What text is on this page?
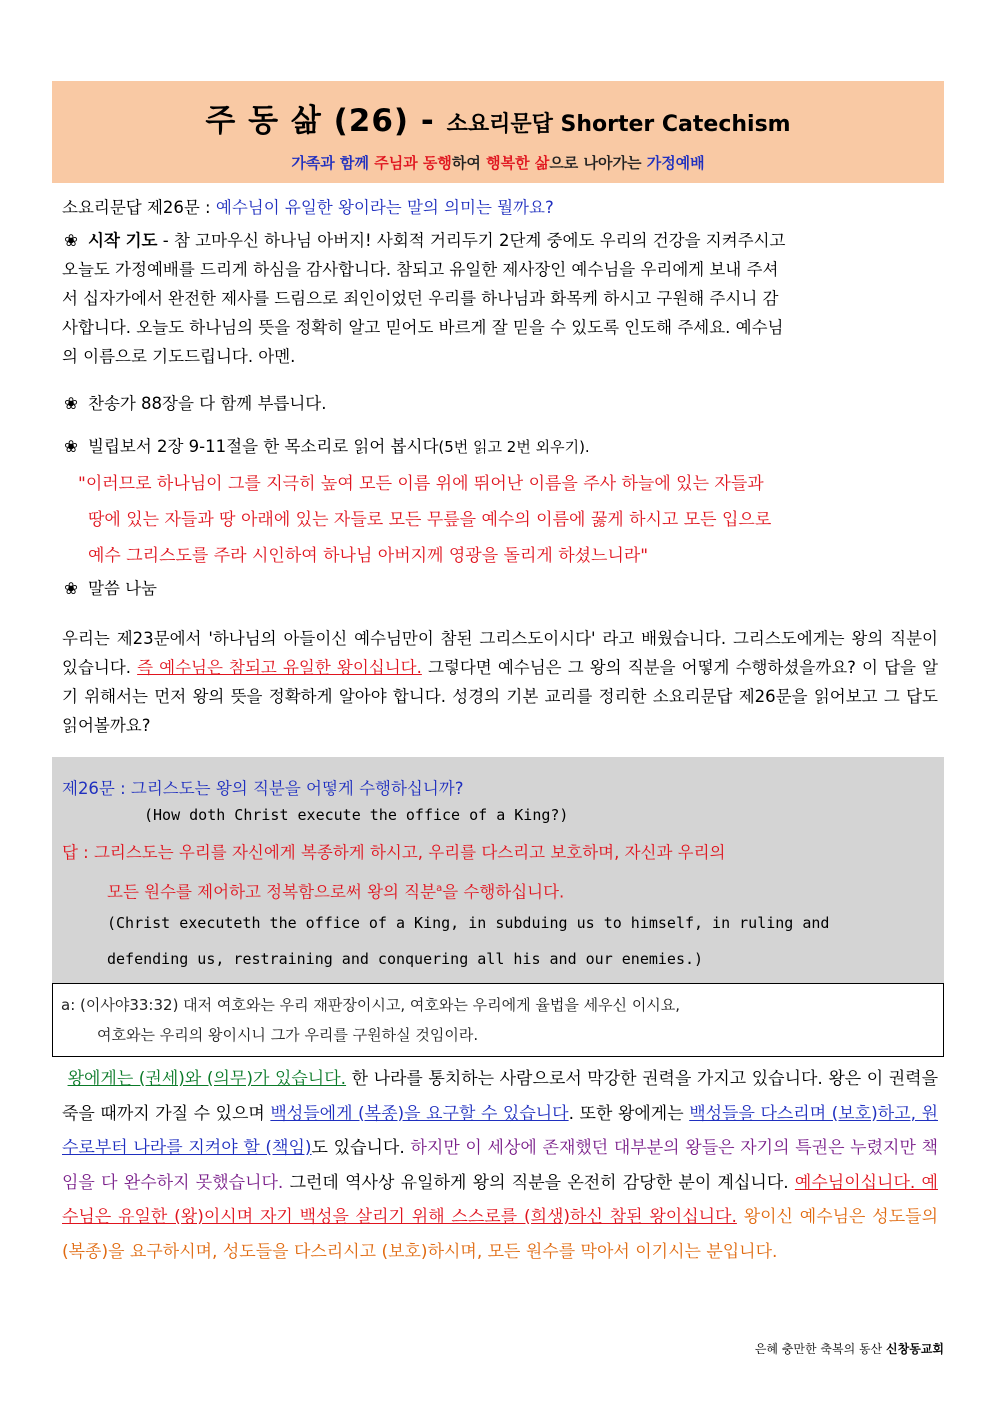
주 동 삶 (26) - 소요리문답 Shorter Catechism
가족과 함께 주님과 동행하여 행복한 삶으로 나아가는 가정예배
소요리문답 제26문 : 예수님이 유일한 왕이라는 말의 의미는 뭘까요?
❀ 시작 기도 - 참 고마우신 하나님 아버지! 사회적 거리두기 2단계 중에도 우리의 건강을 지켜주시고
오늘도 가정예배를 드리게 하심을 감사합니다. 참되고 유일한 제사장인 예수님을 우리에게 보내 주셔
서 십자가에서 완전한 제사를 드림으로 죄인이었던 우리를 하나님과 화목케 하시고 구원해 주시니 감
사합니다. 오늘도 하나님의 뜻을 정확히 알고 믿어도 바르게 잘 믿을 수 있도록 인도해 주세요. 예수님
의 이름으로 기도드립니다. 아멘.
❀ 찬송가 88장을 다 함께 부릅니다.
❀ 빌립보서 2장 9-11절을 한 목소리로 읽어 봅시다(5번 읽고 2번 외우기).
"이러므로 하나님이 그를 지극히 높여 모든 이름 위에 뛰어난 이름을 주사 하늘에 있는 자들과
땅에 있는 자들과 땅 아래에 있는 자들로 모든 무릎을 예수의 이름에 꿇게 하시고 모든 입으로
예수 그리스도를 주라 시인하여 하나님 아버지께 영광을 돌리게 하셨느니라"
❀ 말씀 나눔
우리는 제23문에서 '하나님의 아들이신 예수님만이 참된 그리스도이시다' 라고 배웠습니다. 그리스도에게는 왕의 직분이 있습니다. 즉 예수님은 참되고 유일한 왕이십니다. 그렇다면 예수님은 그 왕의 직분을 어떻게 수행하셨을까요? 이 답을 알기 위해서는 먼저 왕의 뜻을 정확하게 알아야 합니다. 성경의 기본 교리를 정리한 소요리문답 제26문을 읽어보고 그 답도 읽어볼까요?
제26문 : 그리스도는 왕의 직분을 어떻게 수행하십니까?
(How doth Christ execute the office of a King?)
답 : 그리스도는 우리를 자신에게 복종하게 하시고, 우리를 다스리고 보호하며, 자신과 우리의
모든 원수를 제어하고 정복함으로써 왕의 직분$^a$을 수행하십니다.
(Christ executeth the office of a King, in subduing us to himself, in ruling and
defending us, restraining and conquering all his and our enemies.)
a: (이사야33:32) 대저 여호와는 우리 재판장이시고, 여호와는 우리에게 율법을 세우신 이시요,
여호와는 우리의 왕이시니 그가 우리를 구원하실 것임이라.
왕에게는 (권세)와 (의무)가 있습니다. 한 나라를 통치하는 사람으로서 막강한 권력을 가지고 있습니다. 왕은 이 권력을 죽을 때까지 가질 수 있으며 백성들에게 (복종)을 요구할 수 있습니다. 또한 왕에게는 백성들을 다스리며 (보호)하고, 원수로부터 나라를 지켜야 할 (책임)도 있습니다. 하지만 이 세상에 존재했던 대부분의 왕들은 자기의 특권은 누렸지만 책임을 다 완수하지 못했습니다. 그런데 역사상 유일하게 왕의 직분을 온전히 감당한 분이 계십니다. 예수님이십니다. 예수님은 유일한 (왕)이시며 자기 백성을 살리기 위해 스스로를 (희생)하신 참된 왕이십니다. 왕이신 예수님은 성도들의 (복종)을 요구하시며, 성도들을 다스리시고 (보호)하시며, 모든 원수를 막아서 이기시는 분입니다.
은혜 충만한 축복의 동산 신창동교회
